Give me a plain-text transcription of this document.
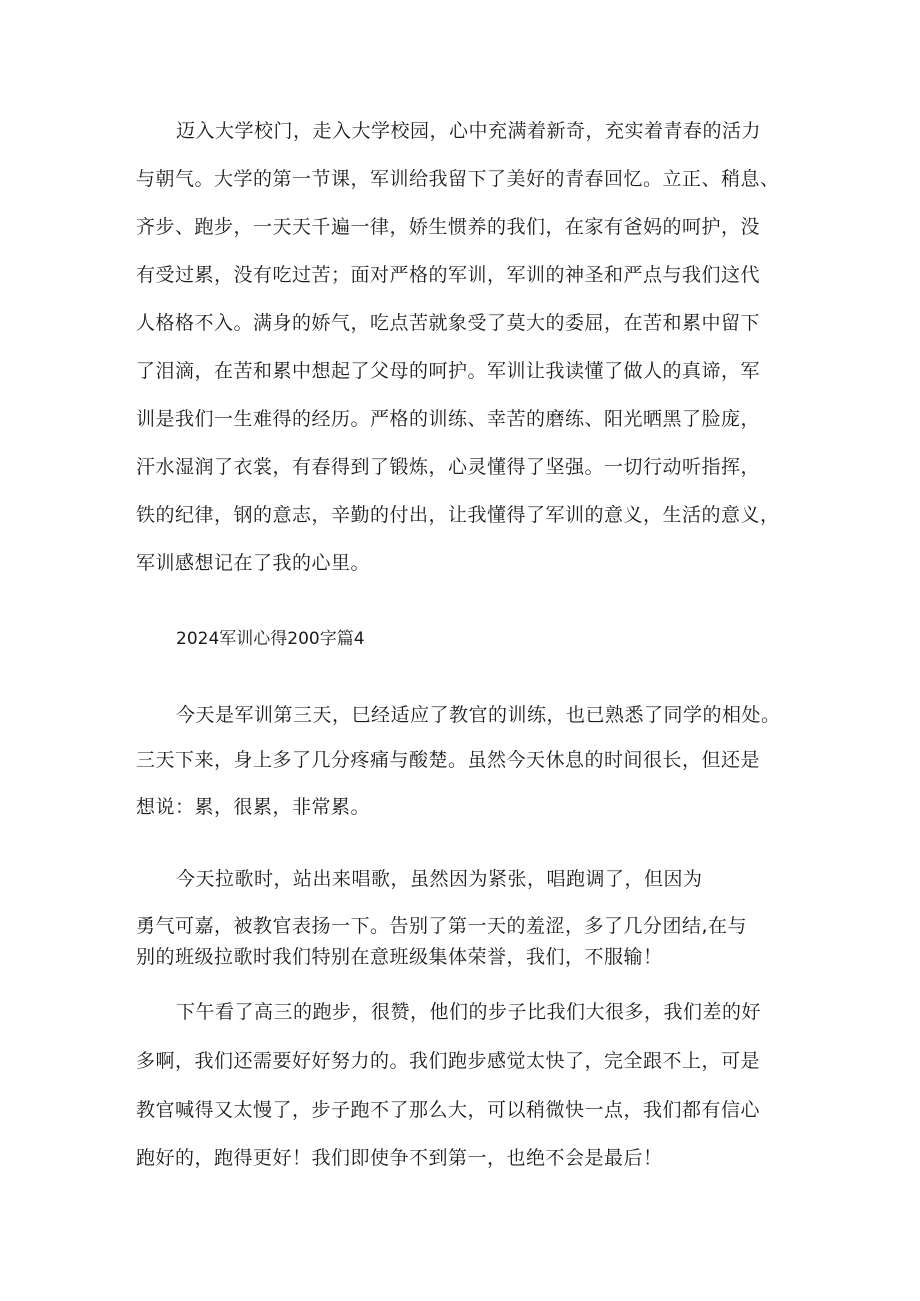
迈入大学校门，走入大学校园，心中充满着新奇，充实着青春的活力
与朝气。大学的第一节课，军训给我留下了美好的青春回忆。立正、稍息、
齐步、跑步，一天天千遍一律，娇生惯养的我们，在家有爸妈的呵护，没
有受过累，没有吃过苦；面对严格的军训，军训的神圣和严点与我们这代
人格格不入。满身的娇气，吃点苦就象受了莫大的委屈，在苦和累中留下
了泪滴，在苦和累中想起了父母的呵护。军训让我读懂了做人的真谛，军
训是我们一生难得的经历。严格的训练、幸苦的磨练、阳光晒黑了脸庞，
汗水湿润了衣裳，有春得到了锻炼，心灵懂得了坚强。一切行动听指挥，
铁的纪律，钢的意志，辛勤的付出，让我懂得了军训的意义，生活的意义，
军训感想记在了我的心里。
2024军训心得200字篇4
今天是军训第三天，巳经适应了教官的训练，也已熟悉了同学的相处。
三天下来，身上多了几分疼痛与酸楚。虽然今天休息的时间很长，但还是
想说：累，很累，非常累。
今天拉歌时，站出来唱歌，虽然因为紧张，唱跑调了，但因为
勇气可嘉，被教官表扬一下。告别了第一天的羞涩，多了几分团结,在与
别的班级拉歌时我们特别在意班级集体荣誉，我们，不服输！
下午看了高三的跑步，很赞，他们的步子比我们大很多，我们差的好
多啊，我们还需要好好努力的。我们跑步感觉太快了，完全跟不上，可是
教官喊得又太慢了，步子跑不了那么大，可以稍微快一点，我们都有信心
跑好的，跑得更好！我们即使争不到第一，也绝不会是最后！
